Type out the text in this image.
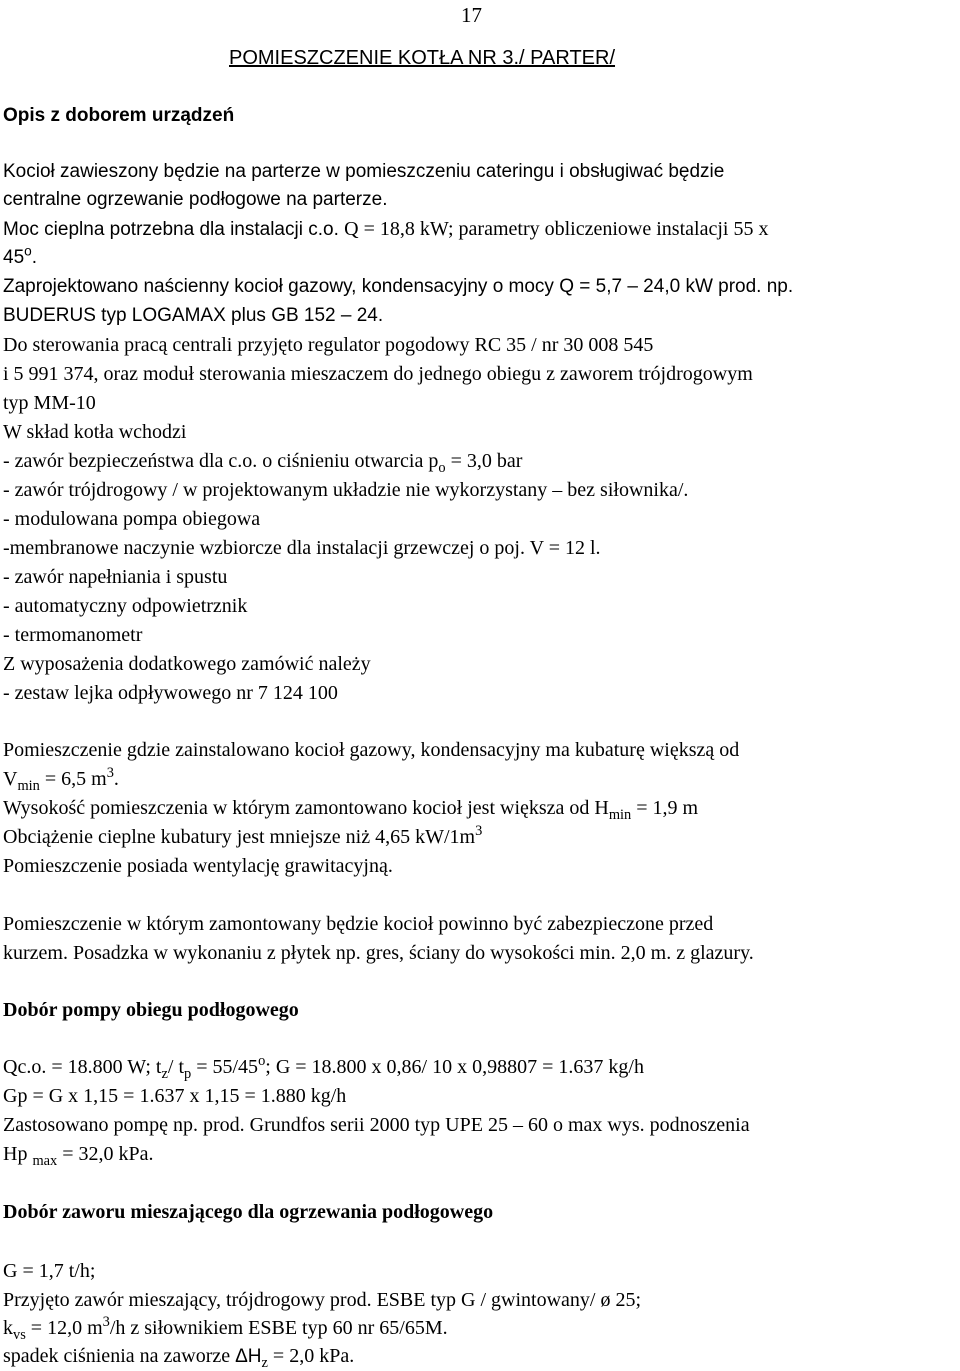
17
POMIESZCZENIE KOTŁA NR 3./ PARTER/
Opis z doborem urządzeń
Kocioł zawieszony będzie na parterze w pomieszczeniu cateringu i obsługiwać będzie
centralne ogrzewanie podłogowe na parterze.
Moc cieplna potrzebna dla instalacji c.o. Q = 18,8 kW; parametry obliczeniowe instalacji 55 x
45$^o$.
Zaprojektowano naścienny kocioł gazowy, kondensacyjny o mocy Q = 5,7 – 24,0 kW prod. np.
BUDERUS typ LOGAMAX plus GB 152 – 24.
Do sterowania pracą centrali przyjęto regulator pogodowy RC 35 / nr 30 008 545
i 5 991 374, oraz moduł sterowania mieszaczem do jednego obiegu z zaworem trójdrogowym
typ MM-10
W skład kotła wchodzi
- zawór bezpieczeństwa dla c.o. o ciśnieniu otwarcia $p_o = 3,0$ bar
- zawór trójdrogowy / w projektowanym układzie nie wykorzystany – bez siłownika/.
- modulowana pompa obiegowa
-membranowe naczynie wzbiorcze dla instalacji grzewczej o poj. V = 12 l.
- zawór napełniania i spustu
- automatyczny odpowietrznik
- termomanometr
Z wyposażenia dodatkowego zamówić należy
- zestaw lejka odpływowego nr 7 124 100
Pomieszczenie gdzie zainstalowano kocioł gazowy, kondensacyjny ma kubaturę większą od
$V_{min} = 6,5$ $m^3$.
Wysokość pomieszczenia w którym zamontowano kocioł jest większa od $H_{min} = 1,9$ m
Obciążenie cieplne kubatury jest mniejsze niż 4,65 $kW/1m^3$
Pomieszczenie posiada wentylację grawitacyjną.
Pomieszczenie w którym zamontowany będzie kocioł powinno być zabezpieczone przed
kurzem. Posadzka w wykonaniu z płytek np. gres, ściany do wysokości min. 2,0 m. z glazury.
Dobór pompy obiegu podłogowego
Qc.o. = 18.800 W; $t_z/$ $t_p = 55/45^o$; G = 18.800 x 0,86/ 10 x 0,98807 = 1.637 kg/h
Gp = G x 1,15 = 1.637 x 1,15 = 1.880 kg/h
Zastosowano pompę np. prod. Grundfos serii 2000 typ UPE 25 – 60 o max wys. podnoszenia
Hp $_{max}$ = 32,0 kPa.
Dobór zaworu mieszającego dla ogrzewania podłogowego
G = 1,7 t/h;
Przyjęto zawór mieszający, trójdrogowy prod. ESBE typ G / gwintowany/ ø 25;
$k_{vs} = 12,0$ $m^3/h$ z siłownikiem ESBE typ 60 nr 65/65M.
spadek ciśnienia na zaworze $\Delta H_z = 2,0$ kPa.
